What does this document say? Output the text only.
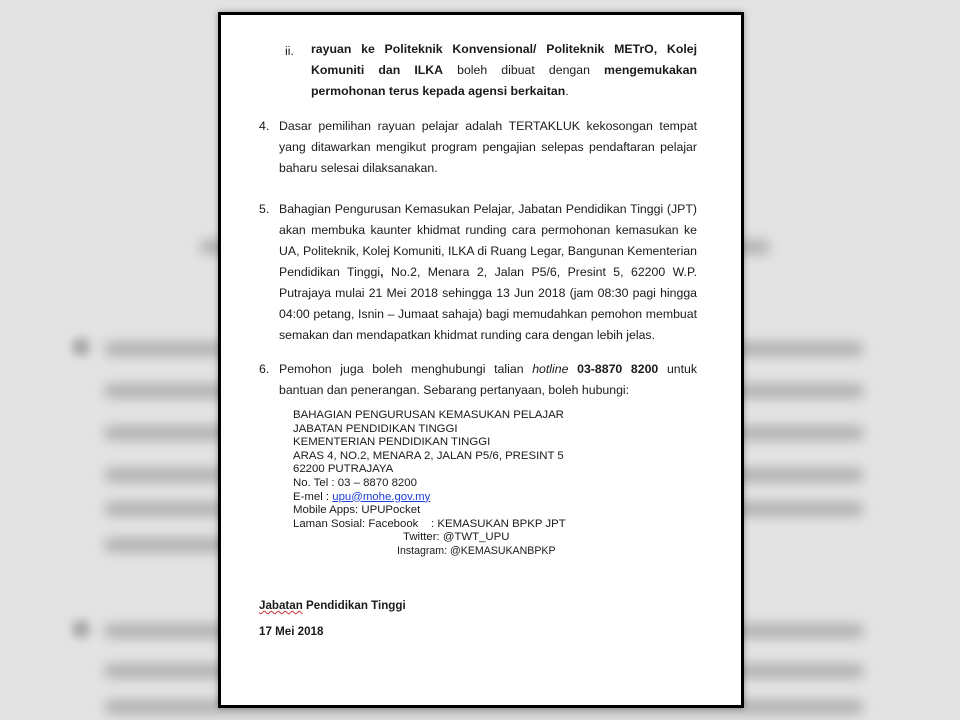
ii. rayuan ke Politeknik Konvensional/ Politeknik METrO, Kolej Komuniti dan ILKA boleh dibuat dengan mengemukakan permohonan terus kepada agensi berkaitan.
4. Dasar pemilihan rayuan pelajar adalah TERTAKLUK kekosongan tempat yang ditawarkan mengikut program pengajian selepas pendaftaran pelajar baharu selesai dilaksanakan.
5. Bahagian Pengurusan Kemasukan Pelajar, Jabatan Pendidikan Tinggi (JPT) akan membuka kaunter khidmat runding cara permohonan kemasukan ke UA, Politeknik, Kolej Komuniti, ILKA di Ruang Legar, Bangunan Kementerian Pendidikan Tinggi, No.2, Menara 2, Jalan P5/6, Presint 5, 62200 W.P. Putrajaya mulai 21 Mei 2018 sehingga 13 Jun 2018 (jam 08:30 pagi hingga 04:00 petang, Isnin – Jumaat sahaja) bagi memudahkan pemohon membuat semakan dan mendapatkan khidmat runding cara dengan lebih jelas.
6. Pemohon juga boleh menghubungi talian hotline 03-8870 8200 untuk bantuan dan penerangan. Sebarang pertanyaan, boleh hubungi:
BAHAGIAN PENGURUSAN KEMASUKAN PELAJAR
JABATAN PENDIDIKAN TINGGI
KEMENTERIAN PENDIDIKAN TINGGI
ARAS 4, NO.2, MENARA 2, JALAN P5/6, PRESINT 5
62200 PUTRAJAYA
No. Tel : 03 – 8870 8200
E-mel : upu@mohe.gov.my
Mobile Apps: UPUPocket
Laman Sosial: Facebook : KEMASUKAN BPKP JPT
Twitter: @TWT_UPU
Instagram: @KEMASUKANBPKP
Jabatan Pendidikan Tinggi
17 Mei 2018
